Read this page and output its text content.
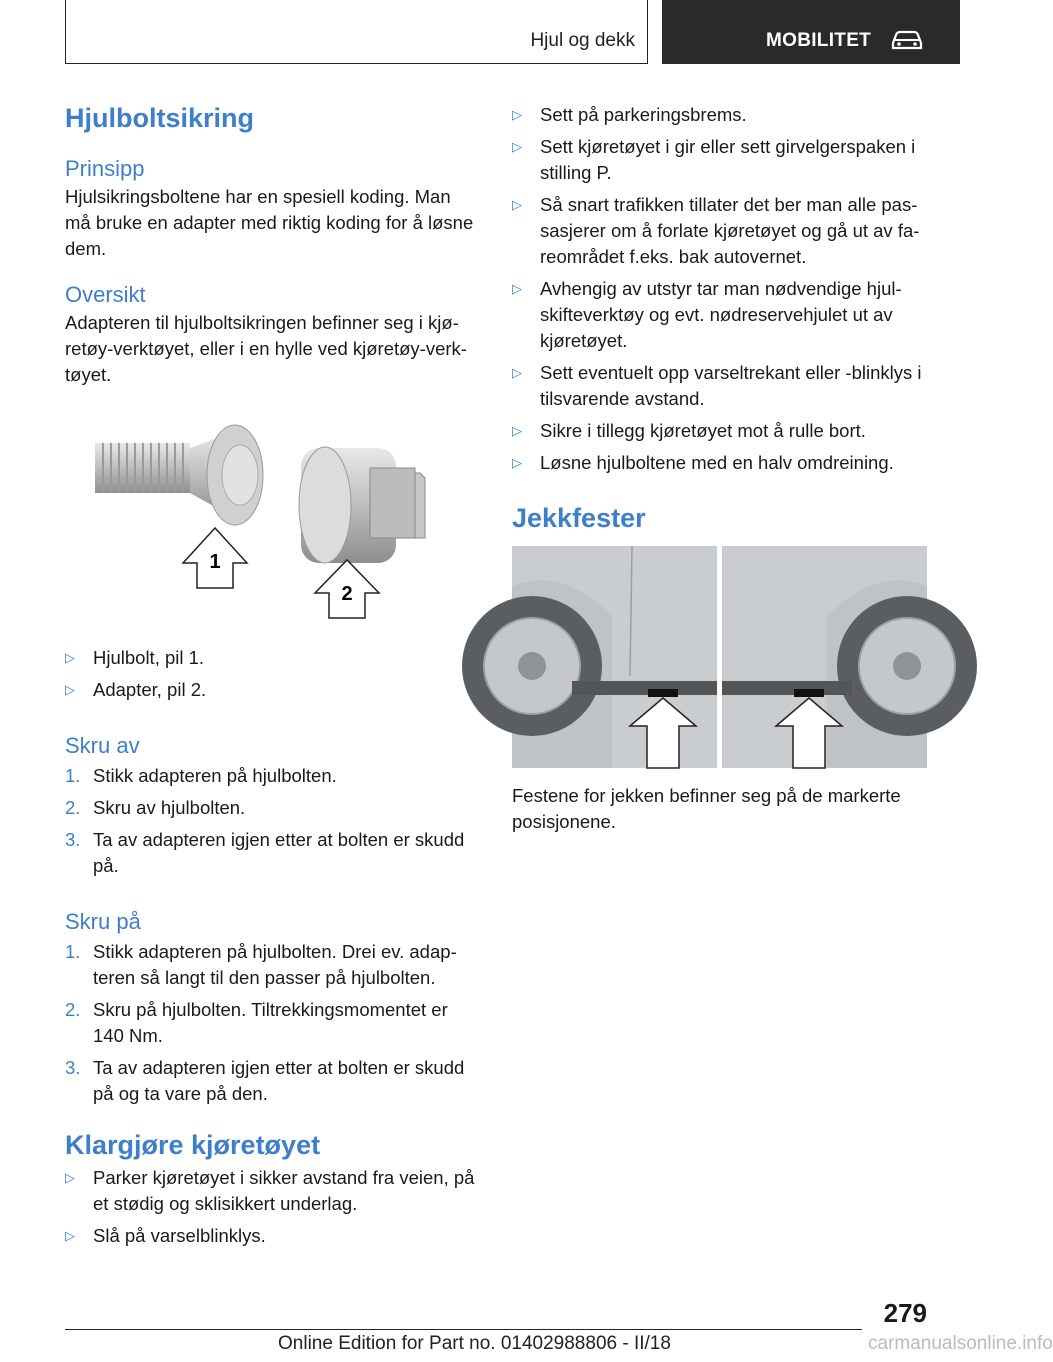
Hjul og dekk	MOBILITET
Hjulboltsikring
Prinsipp

Hjulsikringsboltene har en spesiell koding. Man må bruke en adapter med riktig koding for å løsne dem.

Oversikt

Adapteren til hjulboltsikringen befinner seg i kjøretøy-verktøyet, eller i en hylle ved kjøretøy-verktøyet.

1
2
▷ Hjulbolt, pil 1.
▷ Adapter, pil 2.
Skru av
1. Stikk adapteren på hjulbolten.
2. Skru av hjulbolten.
3. Ta av adapteren igjen etter at bolten er skudd på.
Skru på
1. Stikk adapteren på hjulbolten. Drei ev. adapteren så langt til den passer på hjulbolten.
2. Skru på hjulbolten. Tiltrekkingsmomentet er 140 Nm.
3. Ta av adapteren igjen etter at bolten er skudd på og ta vare på den.
Klargjøre kjøretøyet
▷ Parker kjøretøyet i sikker avstand fra veien, på et stødig og sklisikkert underlag.
▷ Slå på varselblinklys.
▷ Sett på parkeringsbrems.
▷ Sett kjøretøyet i gir eller sett girvelgerspaken i stilling P.
▷ Så snart trafikken tillater det ber man alle passasjerer om å forlate kjøretøyet og gå ut av fareområdet f.eks. bak autovernet.
▷ Avhengig av utstyr tar man nødvendige hjulskifteverktøy og evt. nødreservehjulet ut av kjøretøyet.
▷ Sett eventuelt opp varseltrekant eller -blinklys i tilsvarende avstand.
▷ Sikre i tillegg kjøretøyet mot å rulle bort.
▷ Løsne hjulboltene med en halv omdreining.
Jekkfester

Festene for jekken befinner seg på de markerte posisjonene.

279
Online Edition for Part no. 01402988806 - II/18	carmanualsonline.info
